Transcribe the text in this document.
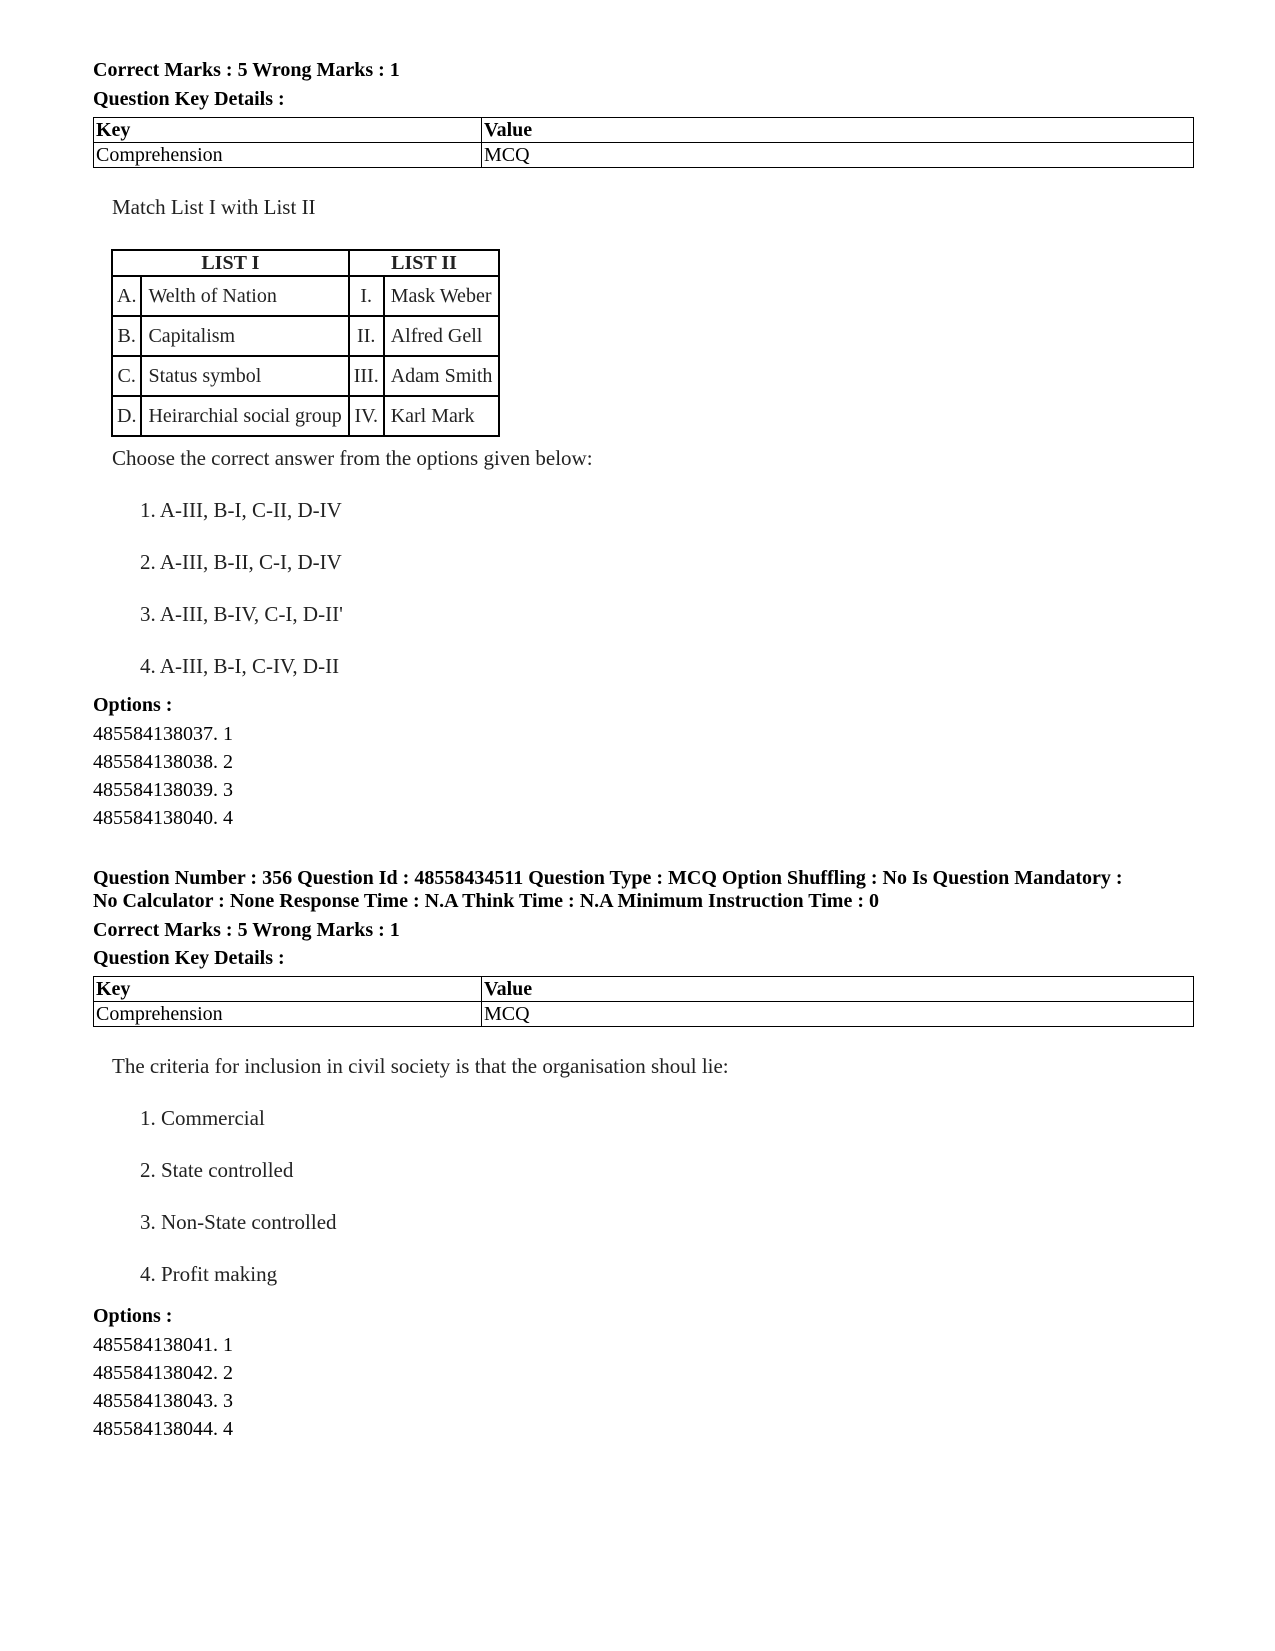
Correct Marks : 5 Wrong Marks : 1
Question Key Details :
Key	Value
Comprehension	MCQ
Match List I with List II
LIST I		LIST II	
A.	Welth of Nation	I.	Mask Weber
B.	Capitalism	II.	Alfred Gell
C.	Status symbol	III.	Adam Smith
D.	Heirarchial social group	IV.	Karl Mark
Choose the correct answer from the options given below:
1. A-III, B-I, C-II, D-IV
2. A-III, B-II, C-I, D-IV
3. A-III, B-IV, C-I, D-II'
4. A-III, B-I, C-IV, D-II
Options :
485584138037. 1
485584138038. 2
485584138039. 3
485584138040. 4
Question Number : 356 Question Id : 48558434511 Question Type : MCQ Option Shuffling : No Is Question Mandatory :
No Calculator : None Response Time : N.A Think Time : N.A Minimum Instruction Time : 0
Correct Marks : 5 Wrong Marks : 1
Question Key Details :
Key	Value
Comprehension	MCQ
The criteria for inclusion in civil society is that the organisation shoul lie:
1. Commercial
2. State controlled
3. Non-State controlled
4. Profit making
Options :
485584138041. 1
485584138042. 2
485584138043. 3
485584138044. 4
